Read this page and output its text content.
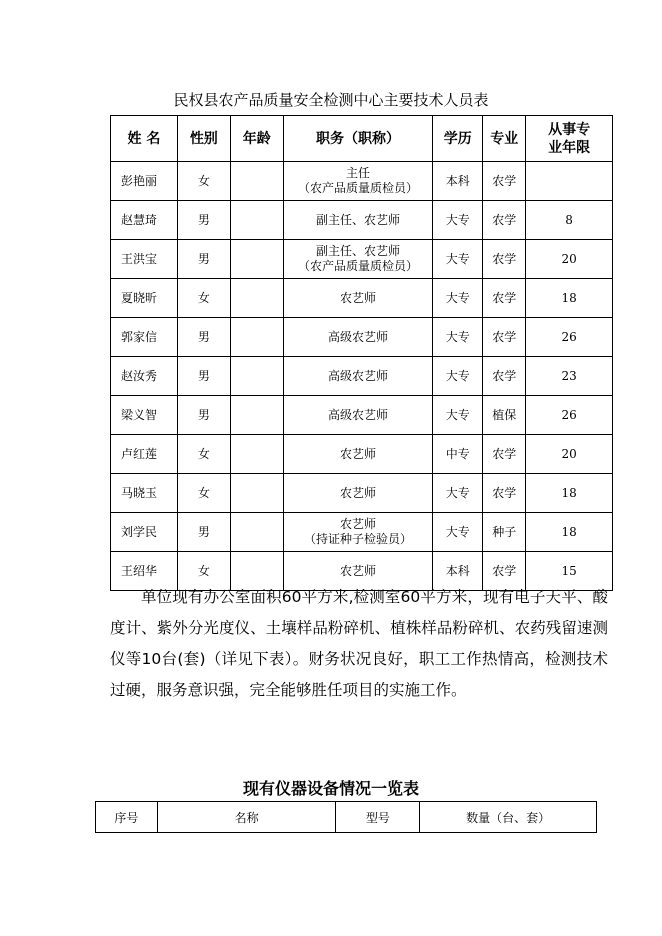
民权县农产品质量安全检测中心主要技术人员表
姓 名	性别	年龄	职务（职称）	学历	专业	从事专
业年限

彭艳丽	女		主任
（农产品质量质检员）	本科	农学	
赵慧琦	男		副主任、农艺师	大专	农学	8
王洪宝	男		副主任、农艺师
（农产品质量质检员）	大专	农学	20
夏晓昕	女		农艺师	大专	农学	18
郭家信	男		高级农艺师	大专	农学	26
赵汝秀	男		高级农艺师	大专	农学	23
梁义智	男		高级农艺师	大专	植保	26
卢红莲	女		农艺师	中专	农学	20
马晓玉	女		农艺师	大专	农学	18
刘学民	男		农艺师
（持证种子检验员）	大专	种子	18
王绍华	女		农艺师	本科	农学	15
单位现有办公室面积60平方米,检测室60平方米，现有电子天平、酸度计、紫外分光度仪、土壤样品粉碎机、植株样品粉碎机、农药残留速测仪等10台(套)（详见下表）。财务状况良好，职工工作热情高，检测技术过硬，服务意识强，完全能够胜任项目的实施工作。
现有仪器设备情况一览表
序号	名称	型号	数量（台、套）
